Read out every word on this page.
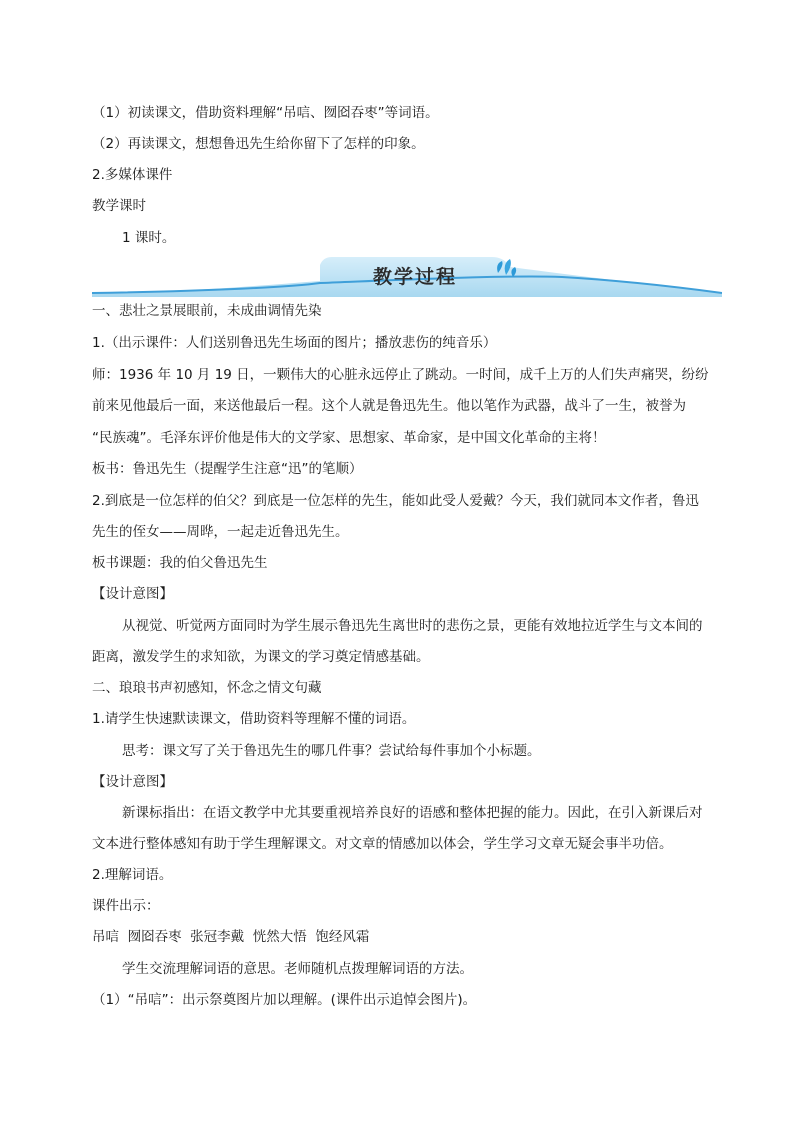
（1）初读课文，借助资料理解“吊唁、囫囵吞枣”等词语。
（2）再读课文，想想鲁迅先生给你留下了怎样的印象。
2.多媒体课件
教学课时
1 课时。
教学过程
一、悲壮之景展眼前，未成曲调情先染
1.（出示课件：人们送别鲁迅先生场面的图片；播放悲伤的纯音乐）
师：1936 年 10 月 19 日，一颗伟大的心脏永远停止了跳动。一时间，成千上万的人们失声痛哭，纷纷
前来见他最后一面，来送他最后一程。这个人就是鲁迅先生。他以笔作为武器，战斗了一生，被誉为
“民族魂”。毛泽东评价他是伟大的文学家、思想家、革命家，是中国文化革命的主将！
板书：鲁迅先生（提醒学生注意“迅”的笔顺）
2.到底是一位怎样的伯父？到底是一位怎样的先生，能如此受人爱戴？今天，我们就同本文作者，鲁迅
先生的侄女——周晔，一起走近鲁迅先生。
板书课题：我的伯父鲁迅先生
【设计意图】
从视觉、听觉两方面同时为学生展示鲁迅先生离世时的悲伤之景，更能有效地拉近学生与文本间的
距离，激发学生的求知欲，为课文的学习奠定情感基础。
二、琅琅书声初感知，怀念之情文句藏
1.请学生快速默读课文，借助资料等理解不懂的词语。
思考：课文写了关于鲁迅先生的哪几件事？尝试给每件事加个小标题。
【设计意图】
新课标指出：在语文教学中尤其要重视培养良好的语感和整体把握的能力。因此，在引入新课后对
文本进行整体感知有助于学生理解课文。对文章的情感加以体会，学生学习文章无疑会事半功倍。
2.理解词语。
课件出示：
吊唁  囫囵吞枣  张冠李戴  恍然大悟  饱经风霜
学生交流理解词语的意思。老师随机点拨理解词语的方法。
（1）“吊唁”：出示祭奠图片加以理解。(课件出示追悼会图片)。
